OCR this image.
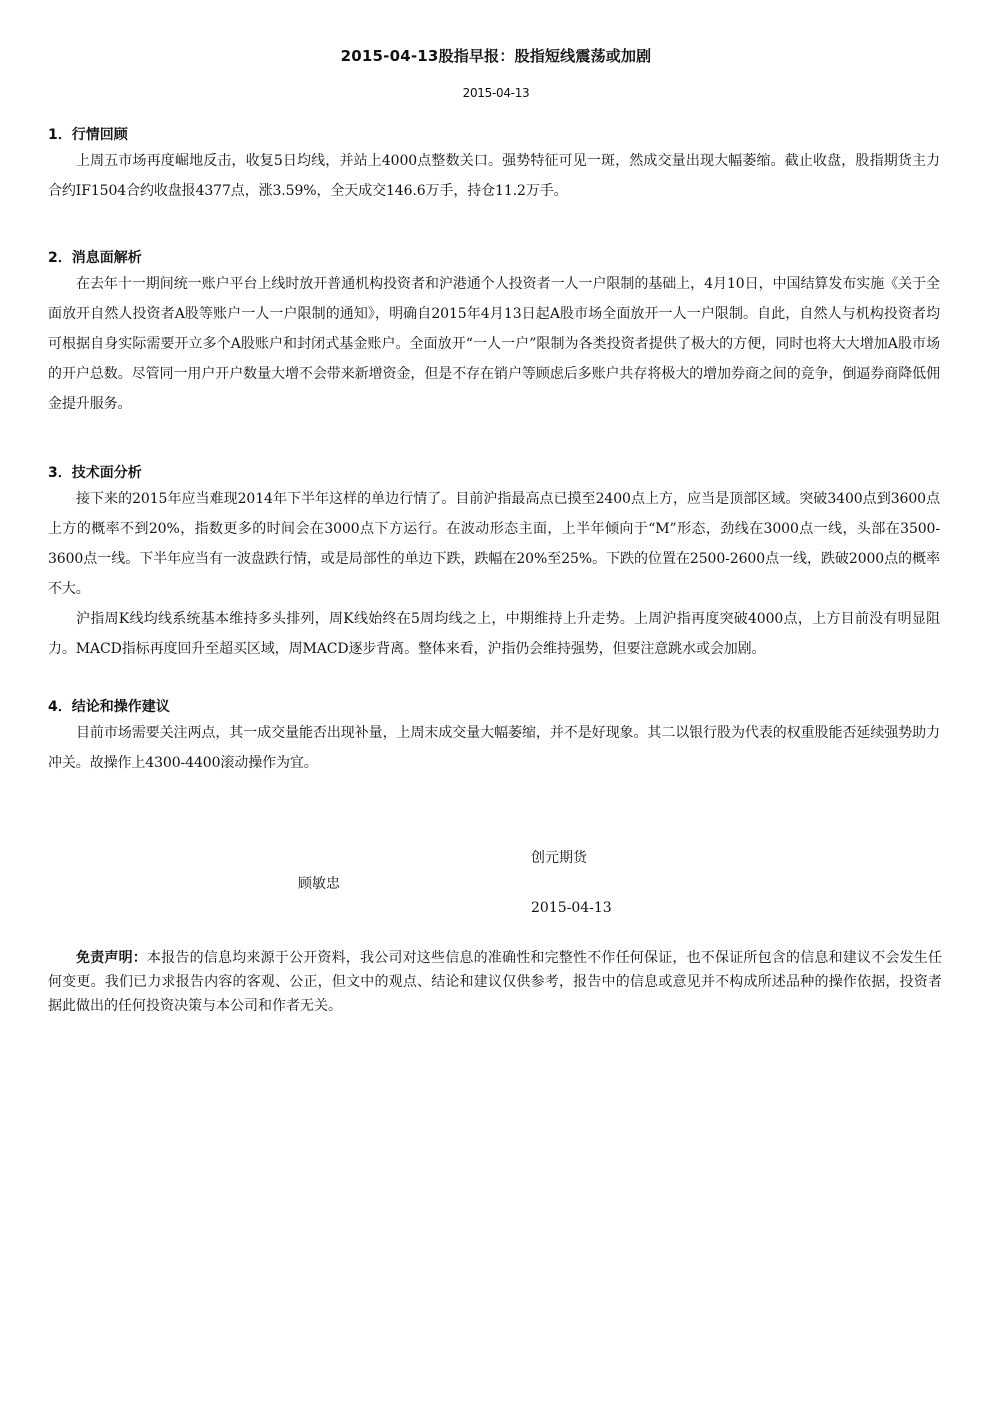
2015-04-13股指早报：股指短线震荡或加剧
2015-04-13
1．行情回顾

上周五市场再度崛地反击，收复5日均线，并站上4000点整数关口。强势特征可见一斑，然成交量出现大幅萎缩。截止收盘，股指期货主力合约IF1504合约收盘报4377点，涨3.59%，全天成交146.6万手，持仓11.2万手。

2．消息面解析

在去年十一期间统一账户平台上线时放开普通机构投资者和沪港通个人投资者一人一户限制的基础上，4月10日，中国结算发布实施《关于全面放开自然人投资者A股等账户一人一户限制的通知》，明确自2015年4月13日起A股市场全面放开一人一户限制。自此，自然人与机构投资者均可根据自身实际需要开立多个A股账户和封闭式基金账户。全面放开“一人一户”限制为各类投资者提供了极大的方便，同时也将大大增加A股市场的开户总数。尽管同一用户开户数量大增不会带来新增资金，但是不存在销户等顾虑后多账户共存将极大的增加券商之间的竞争，倒逼券商降低佣金提升服务。

3．技术面分析

接下来的2015年应当难现2014年下半年这样的单边行情了。目前沪指最高点已摸至2400点上方，应当是顶部区域。突破3400点到3600点上方的概率不到20%，指数更多的时间会在3000点下方运行。在波动形态主面，上半年倾向于“M”形态，劲线在3000点一线，头部在3500-3600点一线。下半年应当有一波盘跌行情，或是局部性的单边下跌，跌幅在20%至25%。下跌的位置在2500-2600点一线，跌破2000点的概率不大。

沪指周K线均线系统基本维持多头排列，周K线始终在5周均线之上，中期维持上升走势。上周沪指再度突破4000点，上方目前没有明显阻力。MACD指标再度回升至超买区域，周MACD逐步背离。整体来看，沪指仍会维持强势，但要注意跳水或会加剧。

4．结论和操作建议

目前市场需要关注两点，其一成交量能否出现补量，上周末成交量大幅萎缩，并不是好现象。其二以银行股为代表的权重股能否延续强势助力冲关。故操作上4300-4400滚动操作为宜。

创元期货
顾敏忠
2015-04-13

免责声明：本报告的信息均来源于公开资料，我公司对这些信息的准确性和完整性不作任何保证，也不保证所包含的信息和建议不会发生任何变更。我们已力求报告内容的客观、公正，但文中的观点、结论和建议仅供参考，报告中的信息或意见并不构成所述品种的操作依据，投资者据此做出的任何投资决策与本公司和作者无关。
